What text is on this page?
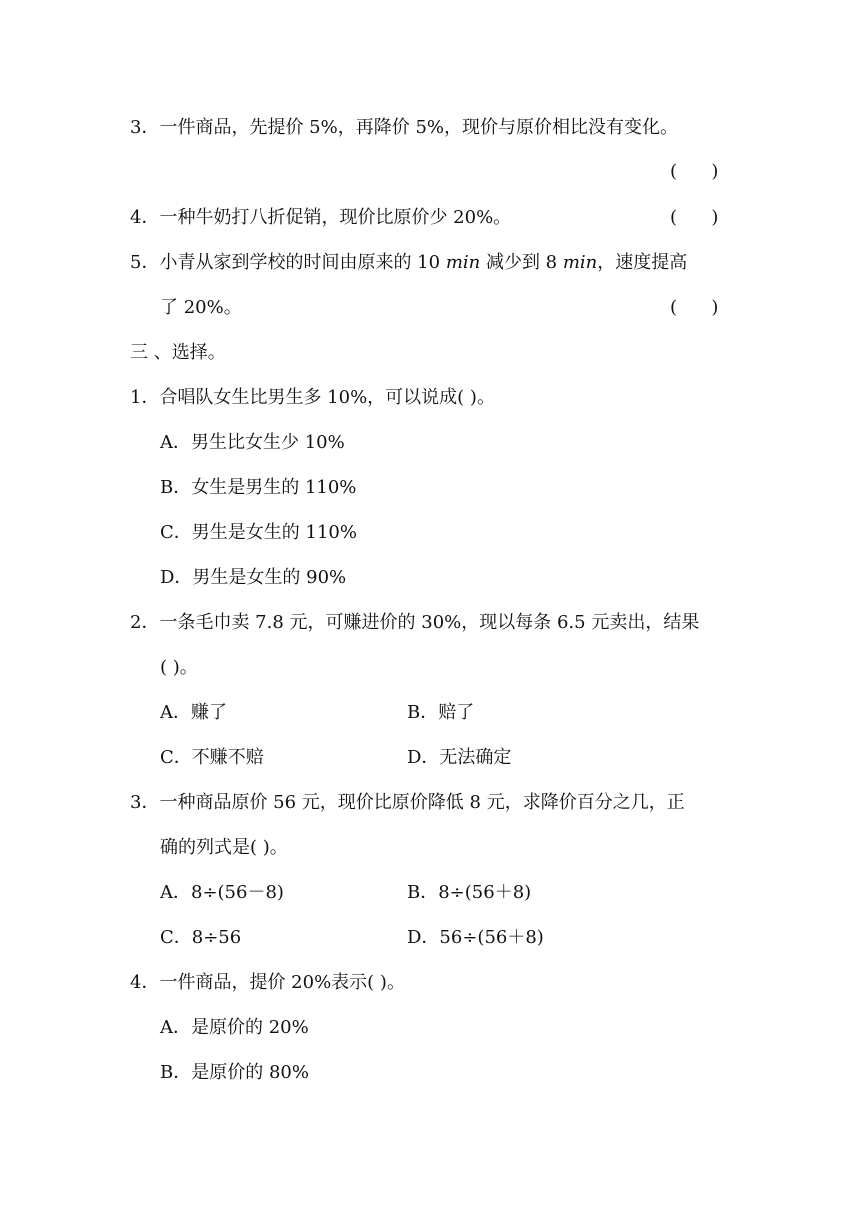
3．一件商品，先提价 5%，再降价 5%，现价与原价相比没有变化。
(      )
4．一种牛奶打八折促销，现价比原价少 20%。	(      )
5．小青从家到学校的时间由原来的 10 min 减少到 8 min，速度提高
了 20%。	(      )
三 、选择。
1．合唱队女生比男生多 10%，可以说成( )。
A．男生比女生少 10%
B．女生是男生的 110%
C．男生是女生的 110%
D．男生是女生的 90%
2．一条毛巾卖 7.8 元，可赚进价的 30%，现以每条 6.5 元卖出，结果
( )。
A．赚了	B．赔了
C．不赚不赔	D．无法确定
3．一种商品原价 56 元，现价比原价降低 8 元，求降价百分之几，正
确的列式是( )。
A．8÷(56－8)	B．8÷(56＋8)
C．8÷56	D．56÷(56＋8)
4．一件商品，提价 20%表示( )。
A．是原价的 20%
B．是原价的 80%
